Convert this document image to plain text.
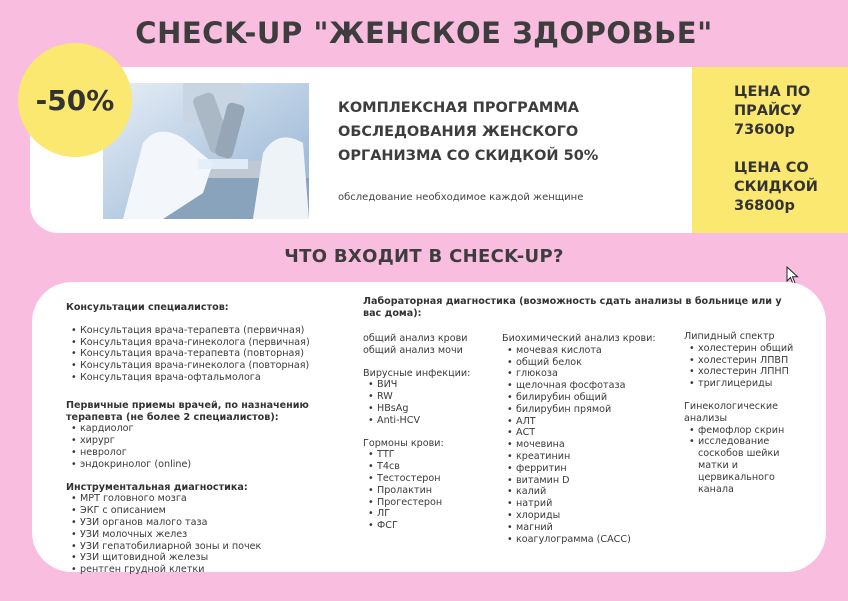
CHECK-UP "ЖЕНСКОЕ ЗДОРОВЬЕ"
-50%	КОМПЛЕКСНАЯ ПРОГРАММА
ОБСЛЕДОВАНИЯ ЖЕНСКОГО
ОРГАНИЗМА СО СКИДКОЙ 50%
обследование необходимое каждой женщине
ЦЕНА ПО
ПРАЙСУ
73600р
ЦЕНА СО
СКИДКОЙ
36800р
ЧТО ВХОДИТ В CHECK-UP?
Консультации специалистов:
• Консультация врача-терапевта (первичная)
• Консультация врача-гинеколога (первичная)
• Консультация врача-терапевта (повторная)
• Консультация врача-гинеколога (повторная)
• Консультация врача-офтальмолога
Первичные приемы врачей, по назначению терапевта (не более 2 специалистов):
• кардиолог
• хирург
• невролог
• эндокринолог (online)
Инструментальная диагностика:
• МРТ головного мозга
• ЭКГ с описанием
• УЗИ органов малого таза
• УЗИ молочных желез
• УЗИ гепатобилиарной зоны и почек
• УЗИ щитовидной железы
• рентген грудной клетки
Лабораторная диагностика (возможность сдать анализы в больнице или у вас дома):
общий анализ крови
общий анализ мочи
Вирусные инфекции:
• ВИЧ
• RW
• HBsAg
• Anti-HCV
Гормоны крови:
• ТТГ
• Т4св
• Тестостерон
• Пролактин
• Прогестерон
• ЛГ
• ФСГ
Биохимический анализ крови:
• мочевая кислота
• общий белок
• глюкоза
• щелочная фосфотаза
• билирубин общий
• билирубин прямой
• АЛТ
• АСТ
• мочевина
• креатинин
• ферритин
• витамин D
• калий
• натрий
• хлориды
• магний
• коагулограмма (САСС)
Липидный спектр
• холестерин общий
• холестерин ЛПВП
• холестерин ЛПНП
• триглицериды
Гинекологические
анализы
• фемофлор скрин
• исследование соскобов шейки матки и цервикального канала
